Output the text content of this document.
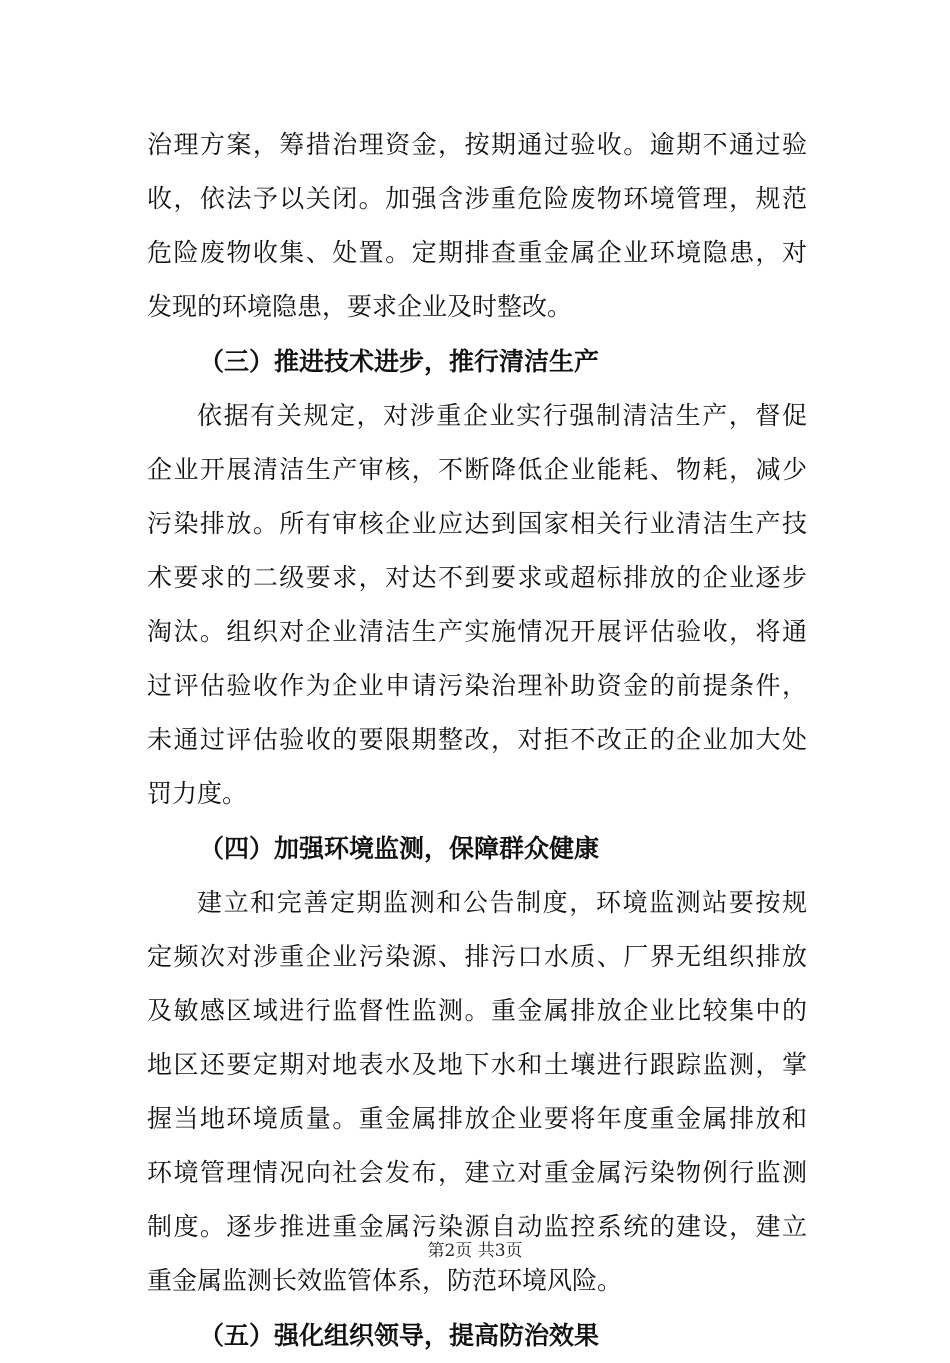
治理方案，筹措治理资金，按期通过验收。逾期不通过验
收，依法予以关闭。加强含涉重危险废物环境管理，规范
危险废物收集、处置。定期排查重金属企业环境隐患，对
发现的环境隐患，要求企业及时整改。
（三）推进技术进步，推行清洁生产
依据有关规定，对涉重企业实行强制清洁生产，督促
企业开展清洁生产审核，不断降低企业能耗、物耗，减少
污染排放。所有审核企业应达到国家相关行业清洁生产技
术要求的二级要求，对达不到要求或超标排放的企业逐步
淘汰。组织对企业清洁生产实施情况开展评估验收，将通
过评估验收作为企业申请污染治理补助资金的前提条件，
未通过评估验收的要限期整改，对拒不改正的企业加大处
罚力度。
（四）加强环境监测，保障群众健康
建立和完善定期监测和公告制度，环境监测站要按规
定频次对涉重企业污染源、排污口水质、厂界无组织排放
及敏感区域进行监督性监测。重金属排放企业比较集中的
地区还要定期对地表水及地下水和土壤进行跟踪监测，掌
握当地环境质量。重金属排放企业要将年度重金属排放和
环境管理情况向社会发布，建立对重金属污染物例行监测
制度。逐步推进重金属污染源自动监控系统的建设，建立
重金属监测长效监管体系，防范环境风险。
（五）强化组织领导，提高防治效果
第2页 共3页
